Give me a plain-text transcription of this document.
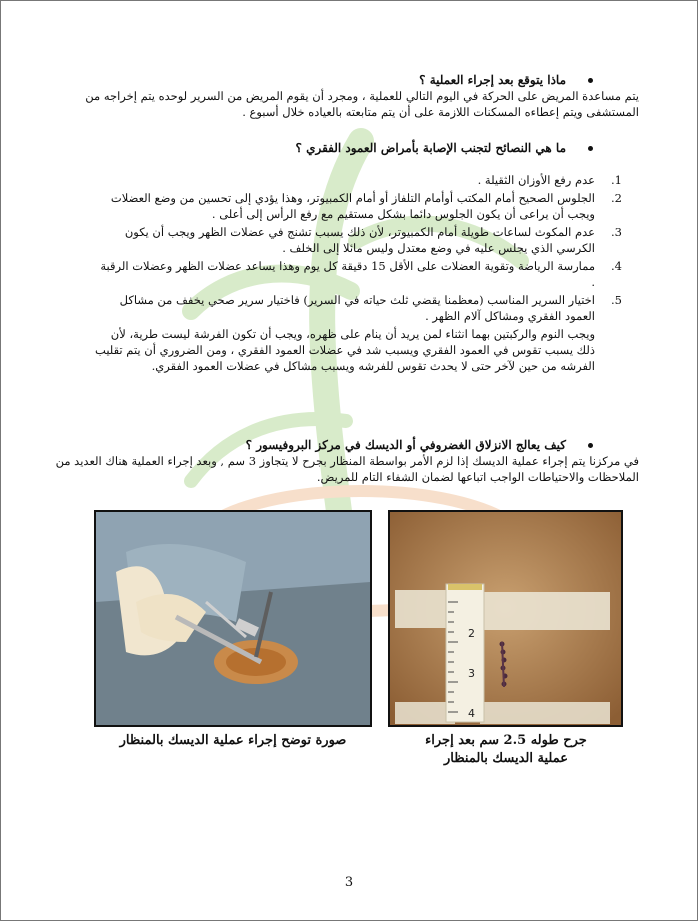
ماذا يتوقع بعد إجراء العملية ؟
يتم مساعدة المريض على الحركة في اليوم التالي للعملية ، ومجرد أن يقوم المريض من السرير لوحده يتم إخراجه من المستشفى ويتم إعطاءه المسكنات اللازمة على أن يتم متابعته بالعياده خلال أسبوع .
ما هي النصائح لتجنب الإصابة بأمراض العمود الفقري ؟
1.
عدم رفع الأوزان الثقيلة .
2.
الجلوس الصحيح أمام المكتب أوأمام التلفاز أو أمام الكمبيوتر، وهذا يؤدي إلى تحسين من وضع العضلات ويجب أن يراعى أن يكون الجلوس دائما بشكل مستقيم مع رفع الرأس إلى أعلى .
3.
عدم المكوث لساعات طويلة أمام الكمبيوتر، لأن ذلك يسبب تشنج في عضلات الظهر ويجب أن يكون الكرسي الذي يجلس عليه في وضع معتدل وليس مائلا إلى الخلف .
4.
ممارسة الرياضة وتقوية العضلات على الأقل 15 دقيقة كل يوم وهذا يساعد عضلات الظهر وعضلات الرقبة .
5.
اختيار السرير المناسب (معظمنا يقضي ثلث حياته في السرير) فاختيار سرير صحي يخفف من مشاكل العمود الفقري ومشاكل آلام الظهر .
ويجب النوم والركبتين بهما انثناء لمن يريد أن ينام على ظهره، ويجب أن تكون الفرشة ليست طرية، لأن ذلك يسبب تقوس في العمود الفقري ويسبب شد في عضلات العمود الفقري ، ومن الضروري أن يتم تقليب الفرشه من حين لآخر حتى لا يحدث تقوس للفرشه ويسبب مشاكل في عضلات العمود الفقري.
كيف يعالج الانزلاق الغضروفي أو الديسك في مركز البروفيسور ؟
في مركزنا يتم إجراء عملية الديسك إذا لزم الأمر بواسطة المنظار بجرح لا يتجاوز 3 سم , وبعد إجراء العملية هناك العديد من الملاحظات والاحتياطات الواجب اتباعها لضمان الشفاء التام للمريض.
2
3
4
صورة توضح إجراء عملية الديسك بالمنظار	جرح طوله 2.5 سم بعد إجراء
عملية الديسك بالمنظار
3
